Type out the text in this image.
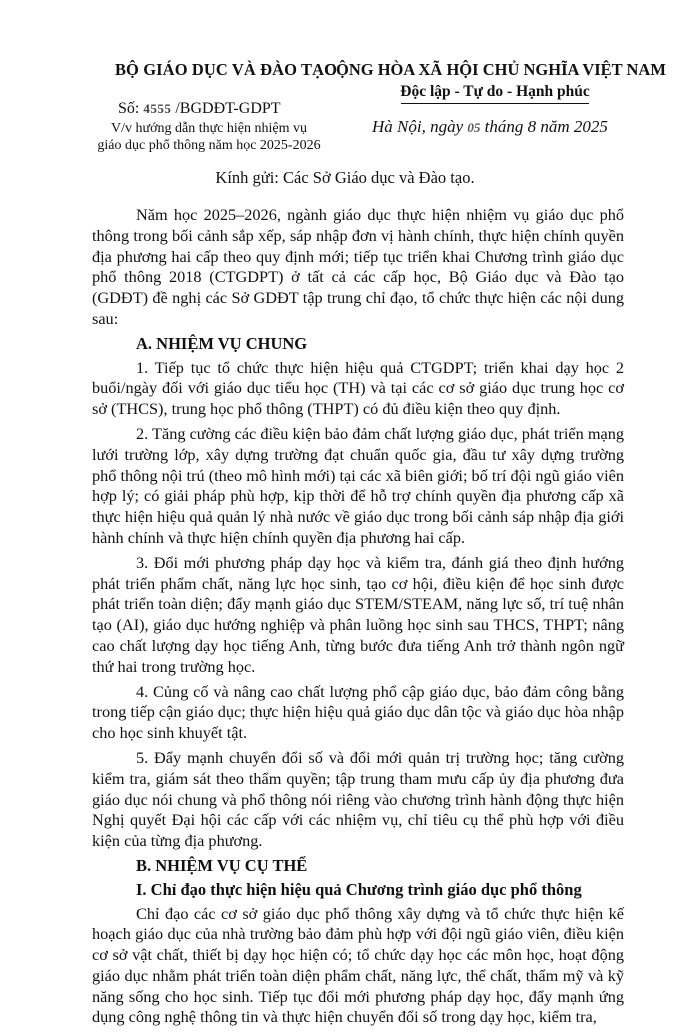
BỘ GIÁO DỤC VÀ ĐÀO TẠO
Số: 4555 /BGDĐT-GDPT
V/v hướng dẫn thực hiện nhiệm vụ
giáo dục phổ thông năm học 2025-2026
CỘNG HÒA XÃ HỘI CHỦ NGHĨA VIỆT NAM
Độc lập - Tự do - Hạnh phúc
Hà Nội, ngày 05 tháng 8 năm 2025
Kính gửi: Các Sở Giáo dục và Đào tạo.

Năm học 2025–2026, ngành giáo dục thực hiện nhiệm vụ giáo dục phổ thông trong bối cảnh sắp xếp, sáp nhập đơn vị hành chính, thực hiện chính quyền địa phương hai cấp theo quy định mới; tiếp tục triển khai Chương trình giáo dục phổ thông 2018 (CTGDPT) ở tất cả các cấp học, Bộ Giáo dục và Đào tạo (GDĐT) đề nghị các Sở GDĐT tập trung chỉ đạo, tổ chức thực hiện các nội dung sau:

A. NHIỆM VỤ CHUNG

1. Tiếp tục tổ chức thực hiện hiệu quả CTGDPT; triển khai dạy học 2 buổi/ngày đối với giáo dục tiểu học (TH) và tại các cơ sở giáo dục trung học cơ sở (THCS), trung học phổ thông (THPT) có đủ điều kiện theo quy định.

2. Tăng cường các điều kiện bảo đảm chất lượng giáo dục, phát triển mạng lưới trường lớp, xây dựng trường đạt chuẩn quốc gia, đầu tư xây dựng trường phổ thông nội trú (theo mô hình mới) tại các xã biên giới; bố trí đội ngũ giáo viên hợp lý; có giải pháp phù hợp, kịp thời để hỗ trợ chính quyền địa phương cấp xã thực hiện hiệu quả quản lý nhà nước về giáo dục trong bối cảnh sáp nhập địa giới hành chính và thực hiện chính quyền địa phương hai cấp.

3. Đổi mới phương pháp dạy học và kiểm tra, đánh giá theo định hướng phát triển phẩm chất, năng lực học sinh, tạo cơ hội, điều kiện để học sinh được phát triển toàn diện; đẩy mạnh giáo dục STEM/STEAM, năng lực số, trí tuệ nhân tạo (AI), giáo dục hướng nghiệp và phân luồng học sinh sau THCS, THPT; nâng cao chất lượng dạy học tiếng Anh, từng bước đưa tiếng Anh trở thành ngôn ngữ thứ hai trong trường học.

4. Củng cố và nâng cao chất lượng phổ cập giáo dục, bảo đảm công bằng trong tiếp cận giáo dục; thực hiện hiệu quả giáo dục dân tộc và giáo dục hòa nhập cho học sinh khuyết tật.

5. Đẩy mạnh chuyển đổi số và đổi mới quản trị trường học; tăng cường kiểm tra, giám sát theo thẩm quyền; tập trung tham mưu cấp ủy địa phương đưa giáo dục nói chung và phổ thông nói riêng vào chương trình hành động thực hiện Nghị quyết Đại hội các cấp với các nhiệm vụ, chỉ tiêu cụ thể phù hợp với điều kiện của từng địa phương.

B. NHIỆM VỤ CỤ THỂ
I. Chỉ đạo thực hiện hiệu quả Chương trình giáo dục phổ thông

Chỉ đạo các cơ sở giáo dục phổ thông xây dựng và tổ chức thực hiện kế hoạch giáo dục của nhà trường bảo đảm phù hợp với đội ngũ giáo viên, điều kiện cơ sở vật chất, thiết bị dạy học hiện có; tổ chức dạy học các môn học, hoạt động giáo dục nhằm phát triển toàn diện phẩm chất, năng lực, thể chất, thẩm mỹ và kỹ năng sống cho học sinh. Tiếp tục đổi mới phương pháp dạy học, đẩy mạnh ứng dụng công nghệ thông tin và thực hiện chuyển đổi số trong dạy học, kiểm tra,
